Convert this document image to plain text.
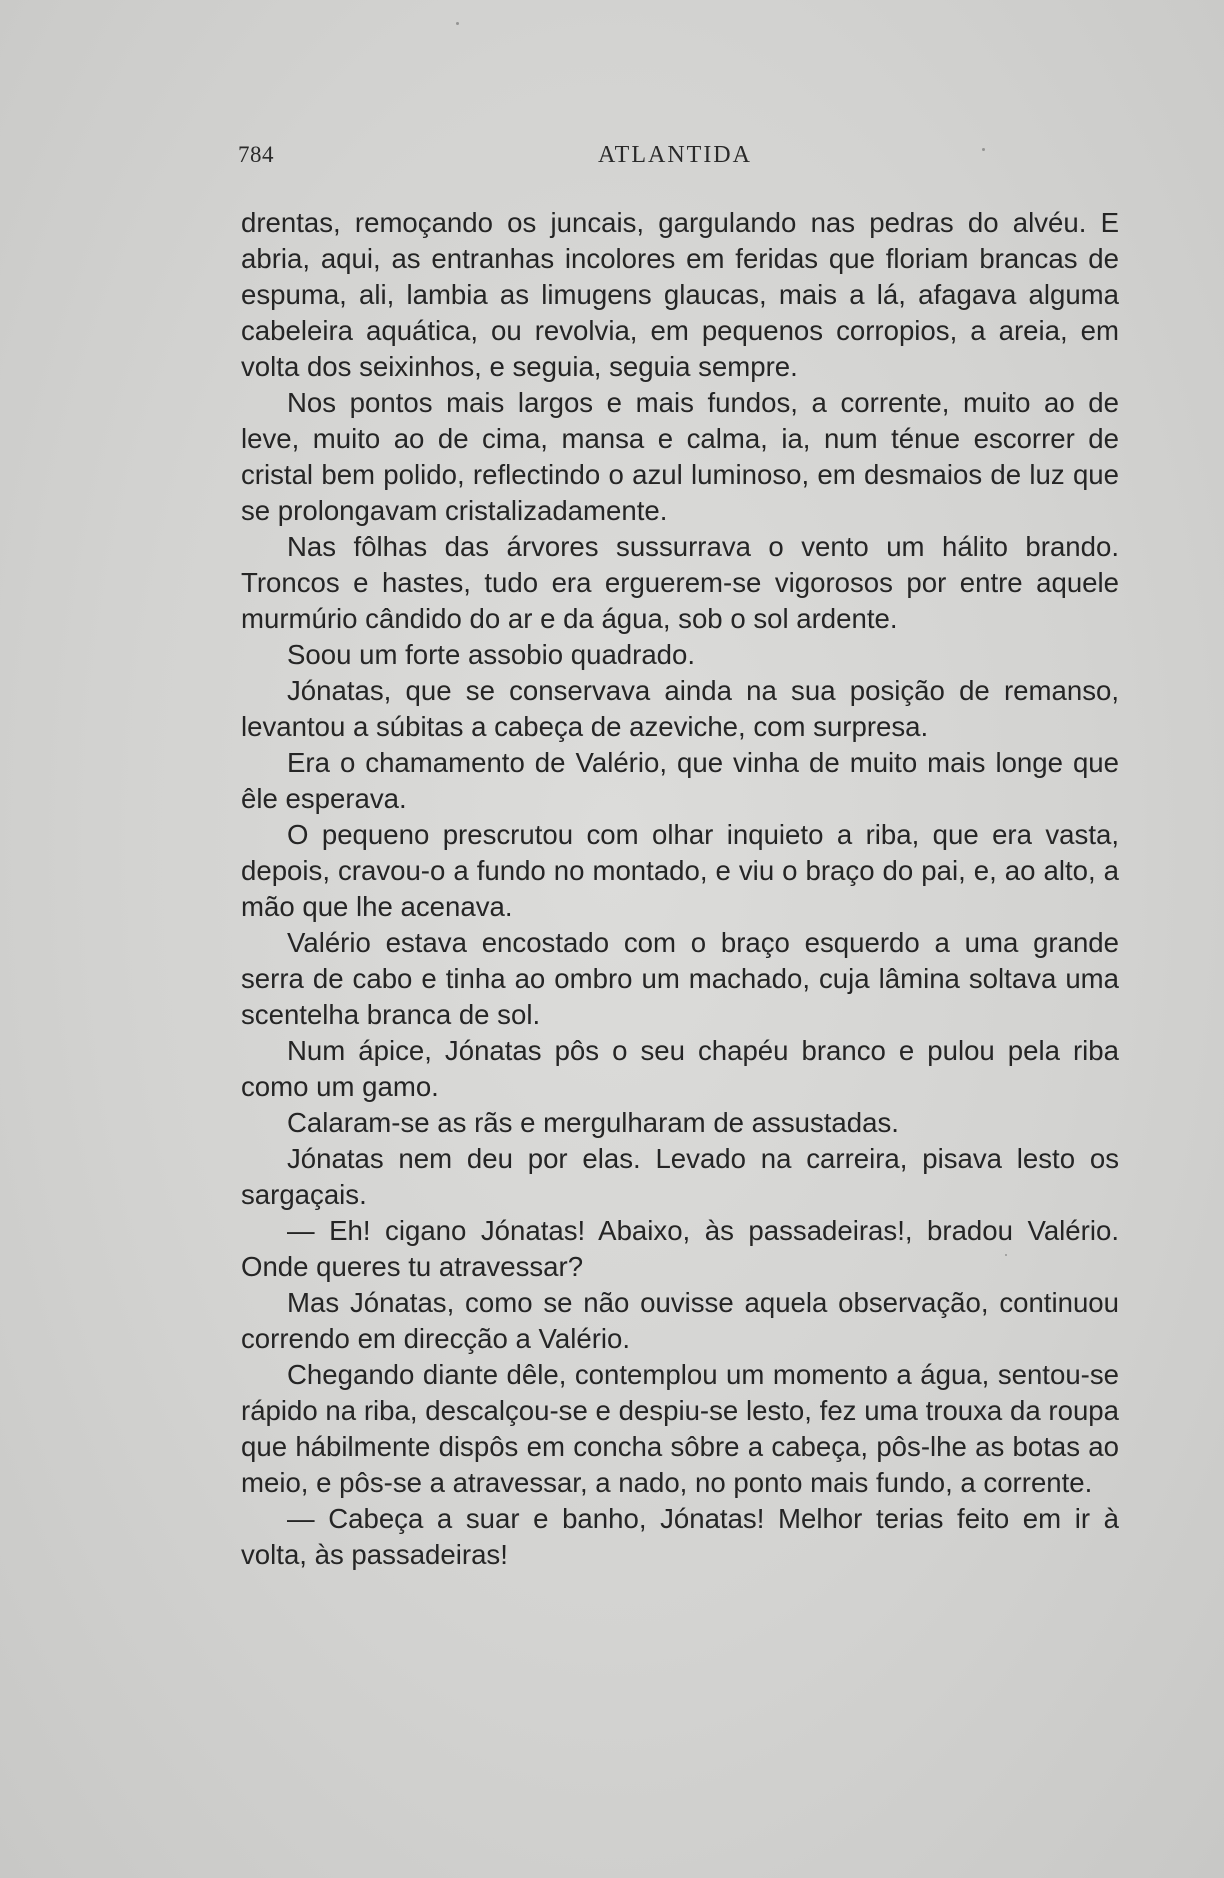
784	ATLANTIDA

drentas, remoçando os juncais, gargulando nas pedras do alvéu. E abria, aqui, as entranhas incolores em feridas que floriam brancas de espuma, ali, lambia as limugens glaucas, mais a lá, afagava alguma cabeleira aquática, ou revolvia, em pequenos corropios, a areia, em volta dos seixinhos, e seguia, seguia sempre.

Nos pontos mais largos e mais fundos, a corrente, muito ao de leve, muito ao de cima, mansa e calma, ia, num ténue escorrer de cristal bem polido, reflectindo o azul luminoso, em desmaios de luz que se prolongavam cristalizadamente.

Nas fôlhas das árvores sussurrava o vento um hálito brando. Troncos e hastes, tudo era erguerem-se vigorosos por entre aquele murmúrio cândido do ar e da água, sob o sol ardente.

Soou um forte assobio quadrado.

Jónatas, que se conservava ainda na sua posição de remanso, levantou a súbitas a cabeça de azeviche, com surpresa.

Era o chamamento de Valério, que vinha de muito mais longe que êle esperava.

O pequeno prescrutou com olhar inquieto a riba, que era vasta, depois, cravou-o a fundo no montado, e viu o braço do pai, e, ao alto, a mão que lhe acenava.

Valério estava encostado com o braço esquerdo a uma grande serra de cabo e tinha ao ombro um machado, cuja lâmina soltava uma scentelha branca de sol.

Num ápice, Jónatas pôs o seu chapéu branco e pulou pela riba como um gamo.

Calaram-se as rãs e mergulharam de assustadas.

Jónatas nem deu por elas. Levado na carreira, pisava lesto os sargaçais.

— Eh! cigano Jónatas! Abaixo, às passadeiras!, bradou Valério. Onde queres tu atravessar?

Mas Jónatas, como se não ouvisse aquela observação, continuou correndo em direcção a Valério.

Chegando diante dêle, contemplou um momento a água, sentou-se rápido na riba, descalçou-se e despiu-se lesto, fez uma trouxa da roupa que hábilmente dispôs em concha sôbre a cabeça, pôs-lhe as botas ao meio, e pôs-se a atravessar, a nado, no ponto mais fundo, a corrente.

— Cabeça a suar e banho, Jónatas! Melhor terias feito em ir à volta, às passadeiras!
